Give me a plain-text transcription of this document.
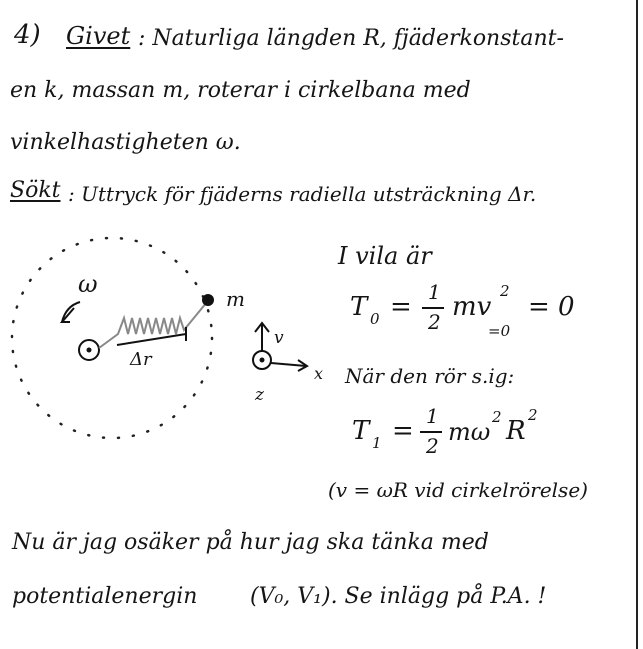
4) Givet : Naturliga längden R, fjäderkonstant-
en k, massan m, roterar i cirkelbana med
vinkelhastigheten ω.
Sökt : Uttryck för fjäderns radiella utsträckning Δr.
m
Δr
ω
v
x
z
I vila är
T 0 = 1
2 mv
2
= 0
=0
När den rör s.ig:
T 1 = 1
2 mω
2 R
2
(v = ωR vid cirkelrörelse)
Nu är jag osäker på hur jag ska tänka med
potentialenergin (V₀, V₁). Se inlägg på P.A. !
